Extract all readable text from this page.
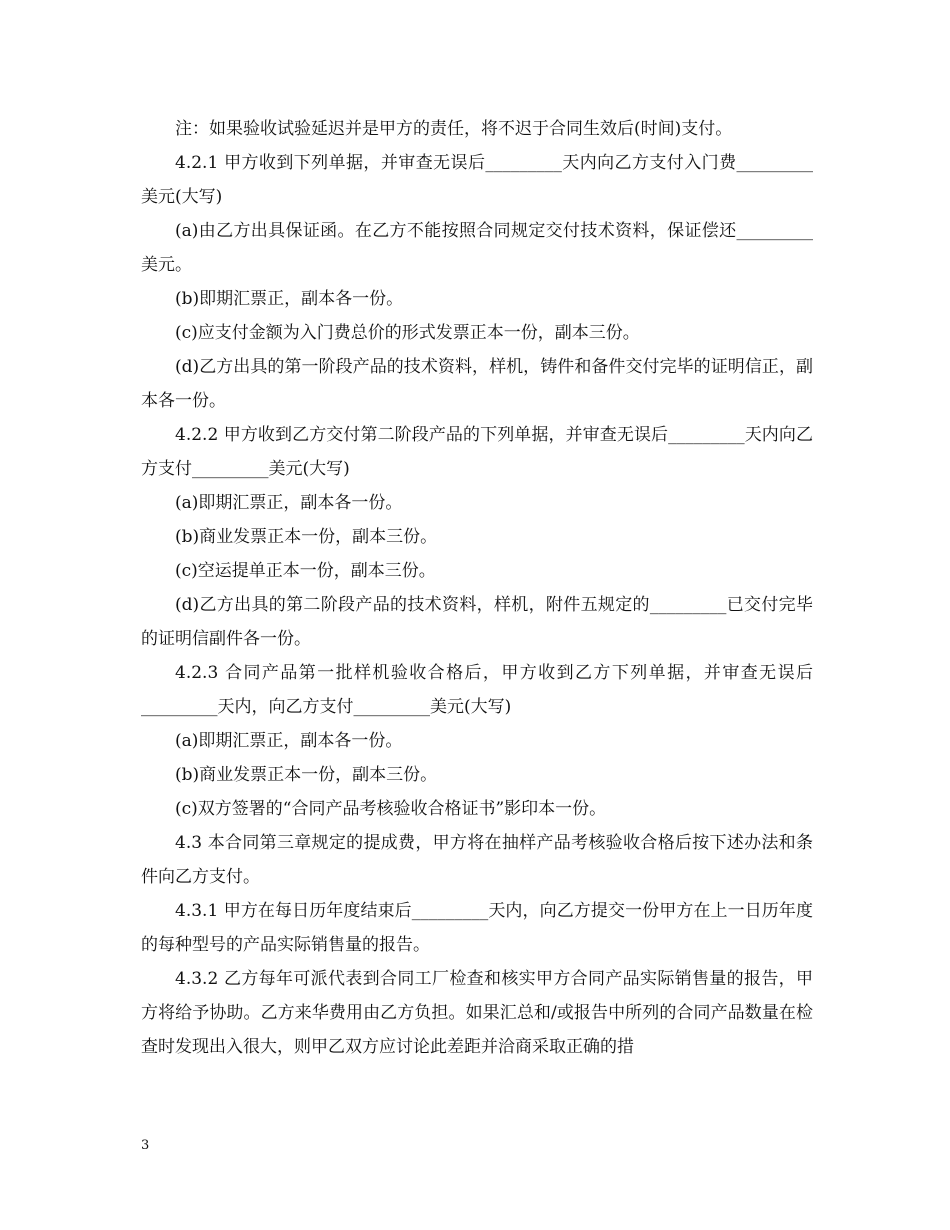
注：如果验收试验延迟并是甲方的责任，将不迟于合同生效后(时间)支付。

4.2.1 甲方收到下列单据，并审查无误后_________天内向乙方支付入门费_________美元(大写)

(a)由乙方出具保证函。在乙方不能按照合同规定交付技术资料，保证偿还_________美元。

(b)即期汇票正，副本各一份。

(c)应支付金额为入门费总价的形式发票正本一份，副本三份。

(d)乙方出具的第一阶段产品的技术资料，样机，铸件和备件交付完毕的证明信正，副本各一份。

4.2.2 甲方收到乙方交付第二阶段产品的下列单据，并审查无误后_________天内向乙方支付_________美元(大写)

(a)即期汇票正，副本各一份。

(b)商业发票正本一份，副本三份。

(c)空运提单正本一份，副本三份。

(d)乙方出具的第二阶段产品的技术资料，样机，附件五规定的_________已交付完毕的证明信副件各一份。

4.2.3 合同产品第一批样机验收合格后，甲方收到乙方下列单据，并审查无误后_________天内，向乙方支付_________美元(大写)

(a)即期汇票正，副本各一份。

(b)商业发票正本一份，副本三份。

(c)双方签署的“合同产品考核验收合格证书”影印本一份。

4.3 本合同第三章规定的提成费，甲方将在抽样产品考核验收合格后按下述办法和条件向乙方支付。

4.3.1 甲方在每日历年度结束后_________天内，向乙方提交一份甲方在上一日历年度的每种型号的产品实际销售量的报告。

4.3.2 乙方每年可派代表到合同工厂检查和核实甲方合同产品实际销售量的报告，甲方将给予协助。乙方来华费用由乙方负担。如果汇总和/或报告中所列的合同产品数量在检查时发现出入很大，则甲乙双方应讨论此差距并洽商采取正确的措

3
